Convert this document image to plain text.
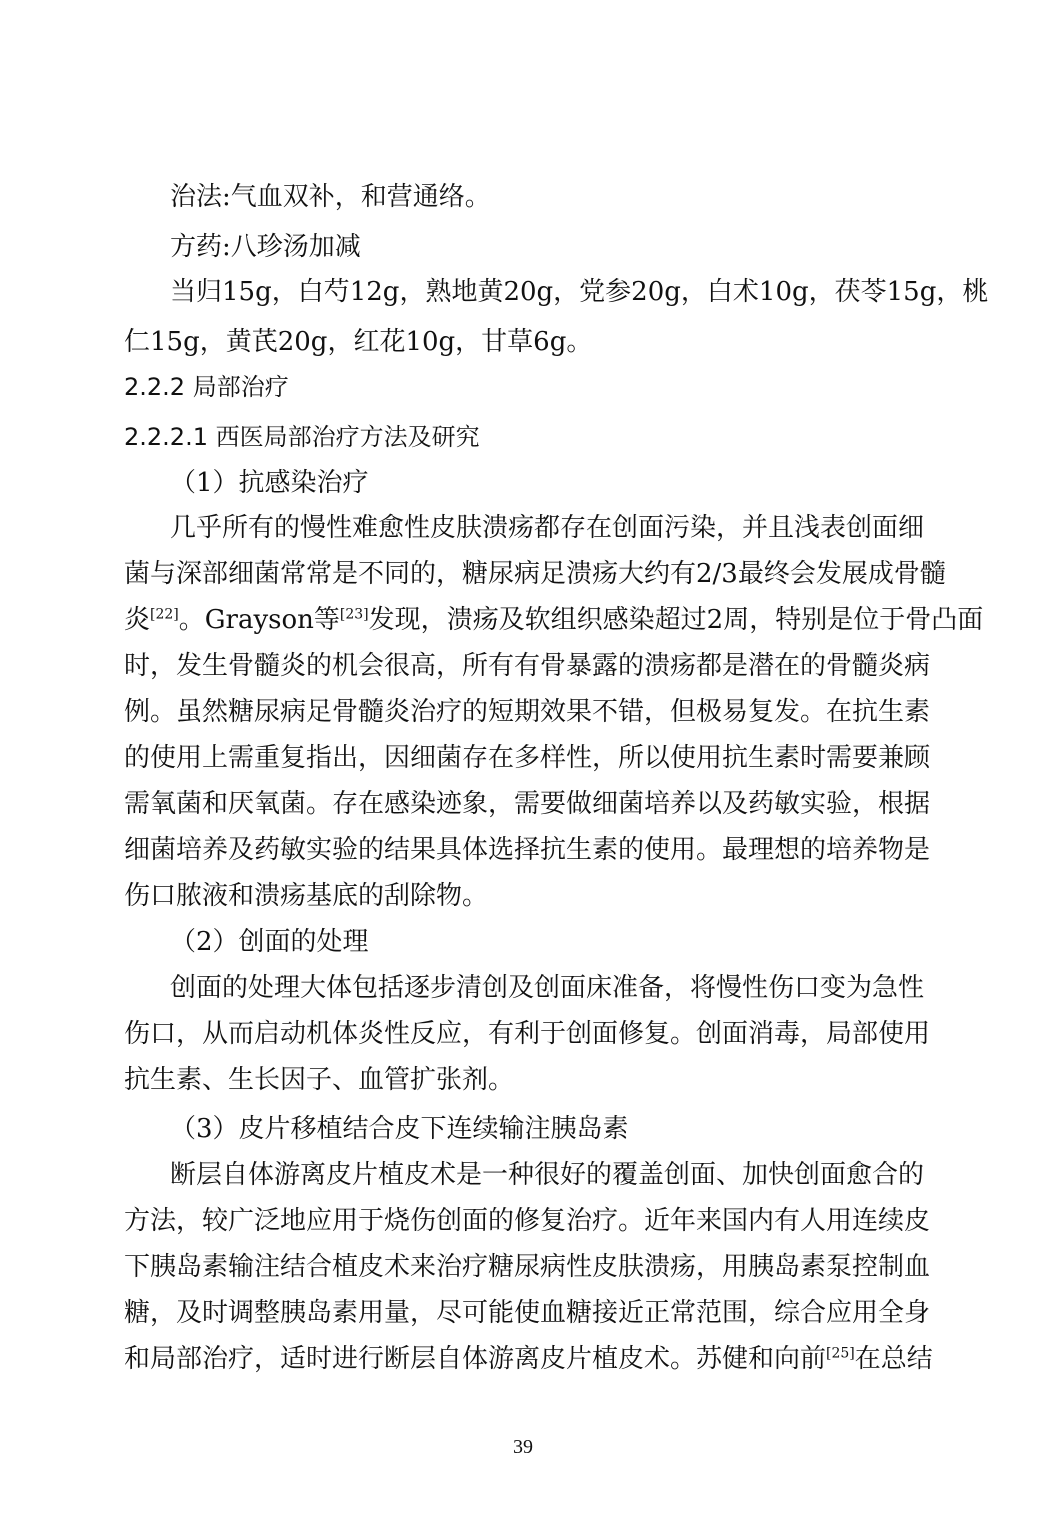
治法:气血双补，和营通络。
方药:八珍汤加减
当归15g，白芍12g，熟地黄20g，党参20g，白术10g，茯苓15g，桃
仁15g，黄芪20g，红花10g，甘草6g。
2.2.2 局部治疗
2.2.2.1 西医局部治疗方法及研究
（1）抗感染治疗
几乎所有的慢性难愈性皮肤溃疡都存在创面污染，并且浅表创面细
菌与深部细菌常常是不同的，糖尿病足溃疡大约有2/3最终会发展成骨髓
炎[22]。Grayson等[23]发现，溃疡及软组织感染超过2周，特别是位于骨凸面
时，发生骨髓炎的机会很高，所有有骨暴露的溃疡都是潜在的骨髓炎病
例。虽然糖尿病足骨髓炎治疗的短期效果不错，但极易复发。在抗生素
的使用上需重复指出，因细菌存在多样性，所以使用抗生素时需要兼顾
需氧菌和厌氧菌。存在感染迹象，需要做细菌培养以及药敏实验，根据
细菌培养及药敏实验的结果具体选择抗生素的使用。最理想的培养物是
伤口脓液和溃疡基底的刮除物。
（2）创面的处理
创面的处理大体包括逐步清创及创面床准备，将慢性伤口变为急性
伤口，从而启动机体炎性反应，有利于创面修复。创面消毒，局部使用
抗生素、生长因子、血管扩张剂。
（3）皮片移植结合皮下连续输注胰岛素
断层自体游离皮片植皮术是一种很好的覆盖创面、加快创面愈合的
方法，较广泛地应用于烧伤创面的修复治疗。近年来国内有人用连续皮
下胰岛素输注结合植皮术来治疗糖尿病性皮肤溃疡，用胰岛素泵控制血
糖，及时调整胰岛素用量，尽可能使血糖接近正常范围，综合应用全身
和局部治疗，适时进行断层自体游离皮片植皮术。苏健和向前[25]在总结
39
